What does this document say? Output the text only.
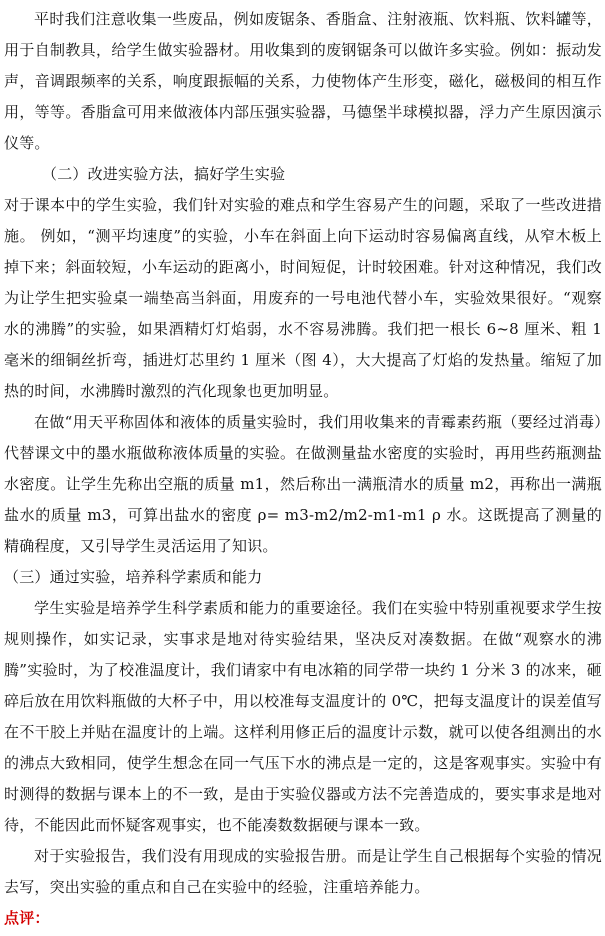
平时我们注意收集一些废品，例如废锯条、香脂盒、注射液瓶、饮料瓶、饮料罐等，用于自制教具，给学生做实验器材。用收集到的废钢锯条可以做许多实验。例如：振动发声，音调跟频率的关系，响度跟振幅的关系，力使物体产生形变，磁化，磁极间的相互作用，等等。香脂盒可用来做液体内部压强实验器，马德堡半球模拟器，浮力产生原因演示仪等。

（二）改进实验方法，搞好学生实验

对于课本中的学生实验，我们针对实验的难点和学生容易产生的问题，采取了一些改进措施。 例如，“测平均速度”的实验，小车在斜面上向下运动时容易偏离直线，从窄木板上掉下来；斜面较短，小车运动的距离小，时间短促，计时较困难。针对这种情况，我们改为让学生把实验桌一端垫高当斜面，用废弃的一号电池代替小车，实验效果很好。“观察水的沸腾”的实验，如果酒精灯灯焰弱，水不容易沸腾。我们把一根长 6~8 厘米、粗 1 毫米的细铜丝折弯，插进灯芯里约 1 厘米（图 4），大大提高了灯焰的发热量。缩短了加热的时间，水沸腾时激烈的汽化现象也更加明显。

在做“用天平称固体和液体的质量实验时，我们用收集来的青霉素药瓶（要经过消毒）代替课文中的墨水瓶做称液体质量的实验。在做测量盐水密度的实验时，再用些药瓶测盐水密度。让学生先称出空瓶的质量 m1，然后称出一满瓶清水的质量 m2，再称出一满瓶盐水的质量 m3，可算出盐水的密度 ρ= m3-m2/m2-m1-m1 ρ 水。这既提高了测量的精确程度，又引导学生灵活运用了知识。

（三）通过实验，培养科学素质和能力

学生实验是培养学生科学素质和能力的重要途径。我们在实验中特别重视要求学生按规则操作，如实记录，实事求是地对待实验结果，坚决反对凑数据。在做“观察水的沸腾”实验时，为了校准温度计，我们请家中有电冰箱的同学带一块约 1 分米 3 的冰来，砸碎后放在用饮料瓶做的大杯子中，用以校准每支温度计的 0℃，把每支温度计的误差值写在不干胶上并贴在温度计的上端。这样利用修正后的温度计示数，就可以使各组测出的水的沸点大致相同，使学生想念在同一气压下水的沸点是一定的，这是客观事实。实验中有时测得的数据与课本上的不一致，是由于实验仪器或方法不完善造成的，要实事求是地对待，不能因此而怀疑客观事实，也不能凑数数据硬与课本一致。

对于实验报告，我们没有用现成的实验报告册。而是让学生自己根据每个实验的情况去写，突出实验的重点和自己在实验中的经验，注重培养能力。

点评：
